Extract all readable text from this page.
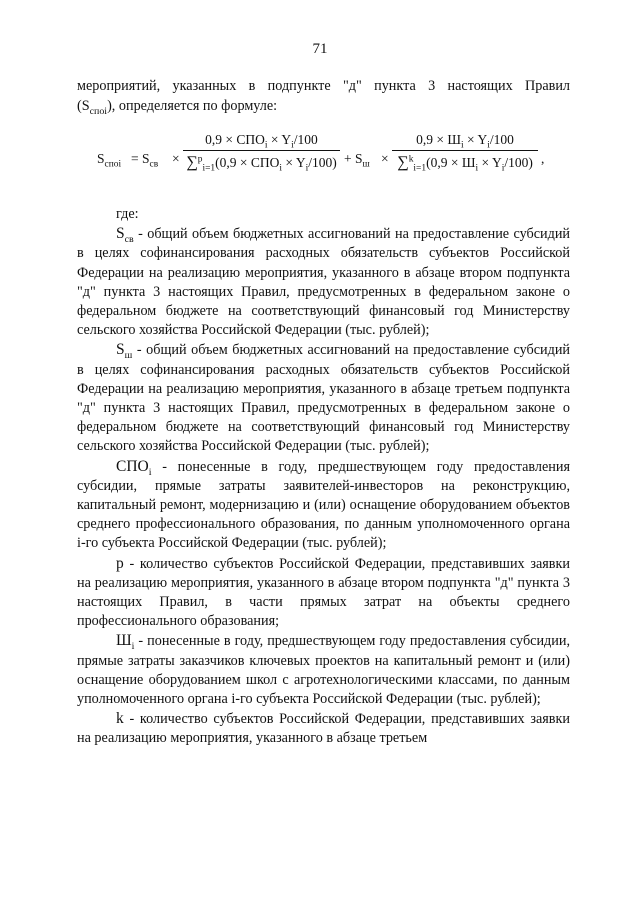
71
мероприятий, указанных в подпункте "д" пункта 3 настоящих Правил
$(S_{споi})$, определяется по формуле:
$S_{споi} = S_{св}$ ×
$0,9 \times СПО_i \times Y_i/100$
$\sum^p_{i=1}(0,9 \times СПО_i \times Y_i/100) + S_ш$ ×
$0,9 \times Ш_i \times Y_i/100$
$\sum^k_{i=1}(0,9 \times Ш_i \times Y_i/100)$ ,

где:

$S_{св}$ - общий объем бюджетных ассигнований на предоставление субсидий в целях софинансирования расходных обязательств субъектов Российской Федерации на реализацию мероприятия, указанного в абзаце втором подпункта "д" пункта 3 настоящих Правил, предусмотренных в федеральном законе о федеральном бюджете на соответствующий финансовый год Министерству сельского хозяйства Российской Федерации (тыс. рублей);

$S_ш$ - общий объем бюджетных ассигнований на предоставление субсидий в целях софинансирования расходных обязательств субъектов Российской Федерации на реализацию мероприятия, указанного в абзаце третьем подпункта "д" пункта 3 настоящих Правил, предусмотренных в федеральном законе о федеральном бюджете на соответствующий финансовый год Министерству сельского хозяйства Российской Федерации (тыс. рублей);

$СПО_i$ - понесенные в году, предшествующем году предоставления субсидии, прямые затраты заявителей-инвесторов на реконструкцию, капитальный ремонт, модернизацию и (или) оснащение оборудованием объектов среднего профессионального образования, по данным уполномоченного органа i-го субъекта Российской Федерации (тыс. рублей);

p - количество субъектов Российской Федерации, представивших заявки на реализацию мероприятия, указанного в абзаце втором подпункта "д" пункта 3 настоящих Правил, в части прямых затрат на объекты среднего профессионального образования;

$Ш_i$ - понесенные в году, предшествующем году предоставления субсидии, прямые затраты заказчиков ключевых проектов на капитальный ремонт и (или) оснащение оборудованием школ с агротехнологическими классами, по данным уполномоченного органа i-го субъекта Российской Федерации (тыс. рублей);

k - количество субъектов Российской Федерации, представивших заявки на реализацию мероприятия, указанного в абзаце третьем
